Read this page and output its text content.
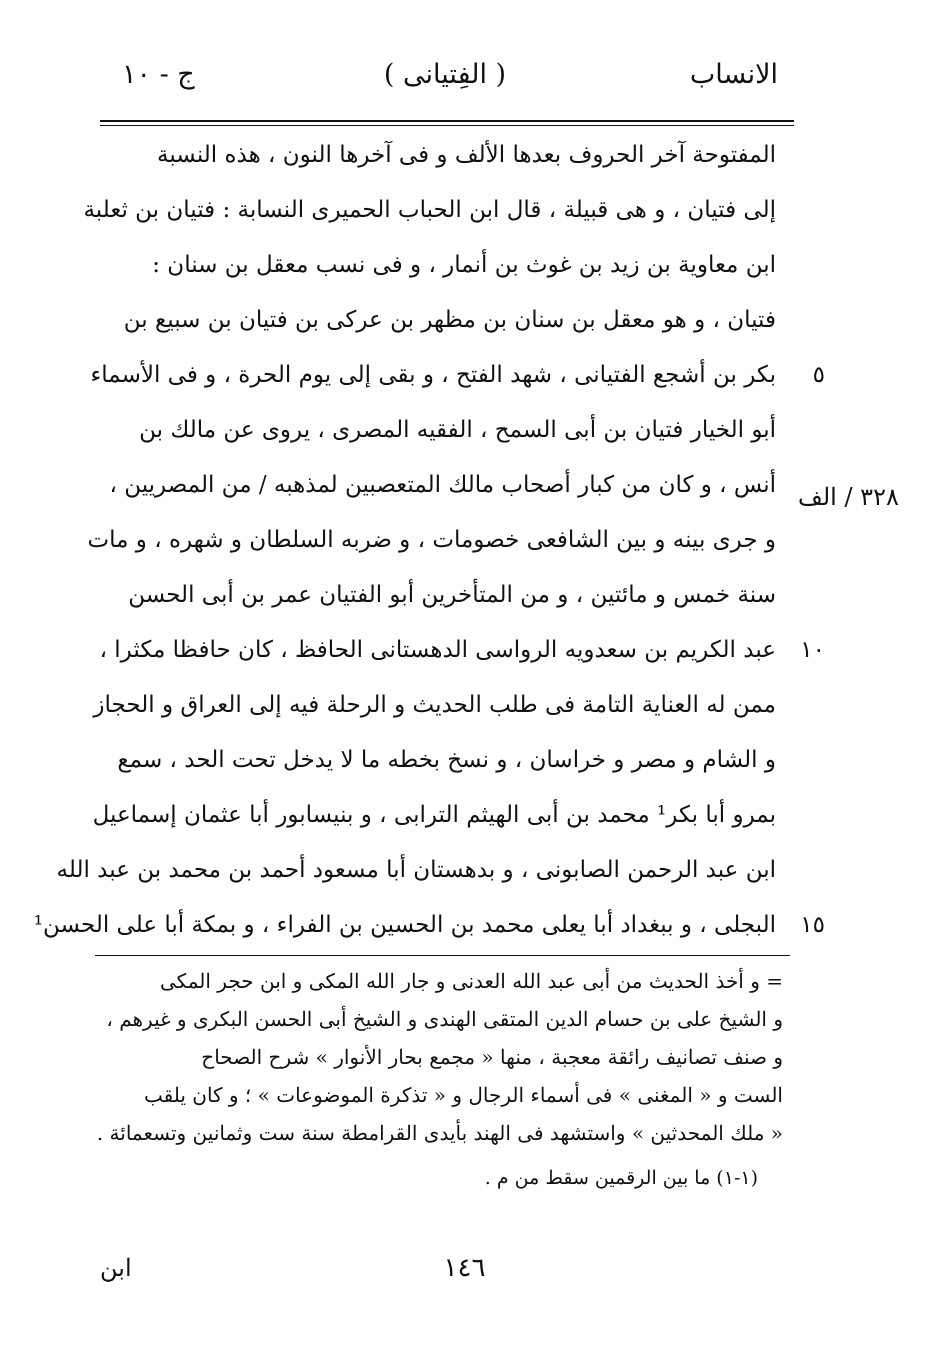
الانساب
( الفِتيانى )
ج - ١٠
المفتوحة آخر الحروف بعدها الألف و فى آخرها النون ، هذه النسبة
إلى فتيان ، و هى قبيلة ، قال ابن الحباب الحميرى النسابة : فتيان بن ثعلبة
ابن معاوية بن زيد بن غوث بن أنمار ، و فى نسب معقل بن سنان :
فتيان ، و هو معقل بن سنان بن مظهر بن عركى بن فتيان بن سبيع بن
بكر بن أشجع الفتيانى ، شهد الفتح ، و بقى إلى يوم الحرة ، و فى الأسماء
أبو الخيار فتيان بن أبى السمح ، الفقيه المصرى ، يروى عن مالك بن
أنس ، و كان من كبار أصحاب مالك المتعصبين لمذهبه / من المصريين ،
و جرى بينه و بين الشافعى خصومات ، و ضربه السلطان و شهره ، و مات
سنة خمس و مائتين ، و من المتأخرين أبو الفتيان عمر بن أبى الحسن
عبد الكريم بن سعدويه الرواسى الدهستانى الحافظ ، كان حافظا مكثرا ،
ممن له العناية التامة فى طلب الحديث و الرحلة فيه إلى العراق و الحجاز
و الشام و مصر و خراسان ، و نسخ بخطه ما لا يدخل تحت الحد ، سمع
بمرو أبا بكر¹ محمد بن أبى الهيثم الترابى ، و بنيسابور أبا عثمان إسماعيل
ابن عبد الرحمن الصابونى ، و بدهستان أبا مسعود أحمد بن محمد بن عبد الله
البجلى ، و ببغداد أبا يعلى محمد بن الحسين بن الفراء ، و بمكة أبا على الحسن¹
٥
١٠
١٥
٣٢٨ / الف
= و أخذ الحديث من أبى عبد الله العدنى و جار الله المكى و ابن حجر المكى
و الشيخ على بن حسام الدين المتقى الهندى و الشيخ أبى الحسن البكرى و غيرهم ،
و صنف تصانيف رائقة معجبة ، منها « مجمع بحار الأنوار » شرح الصحاح
الست و « المغنى » فى أسماء الرجال و « تذكرة الموضوعات » ؛ و كان يلقب
« ملك المحدثين » واستشهد فى الهند بأيدى القرامطة سنة ست وثمانين وتسعمائة .
(١-١) ما بين الرقمين سقط من م .
١٤٦
ابن
